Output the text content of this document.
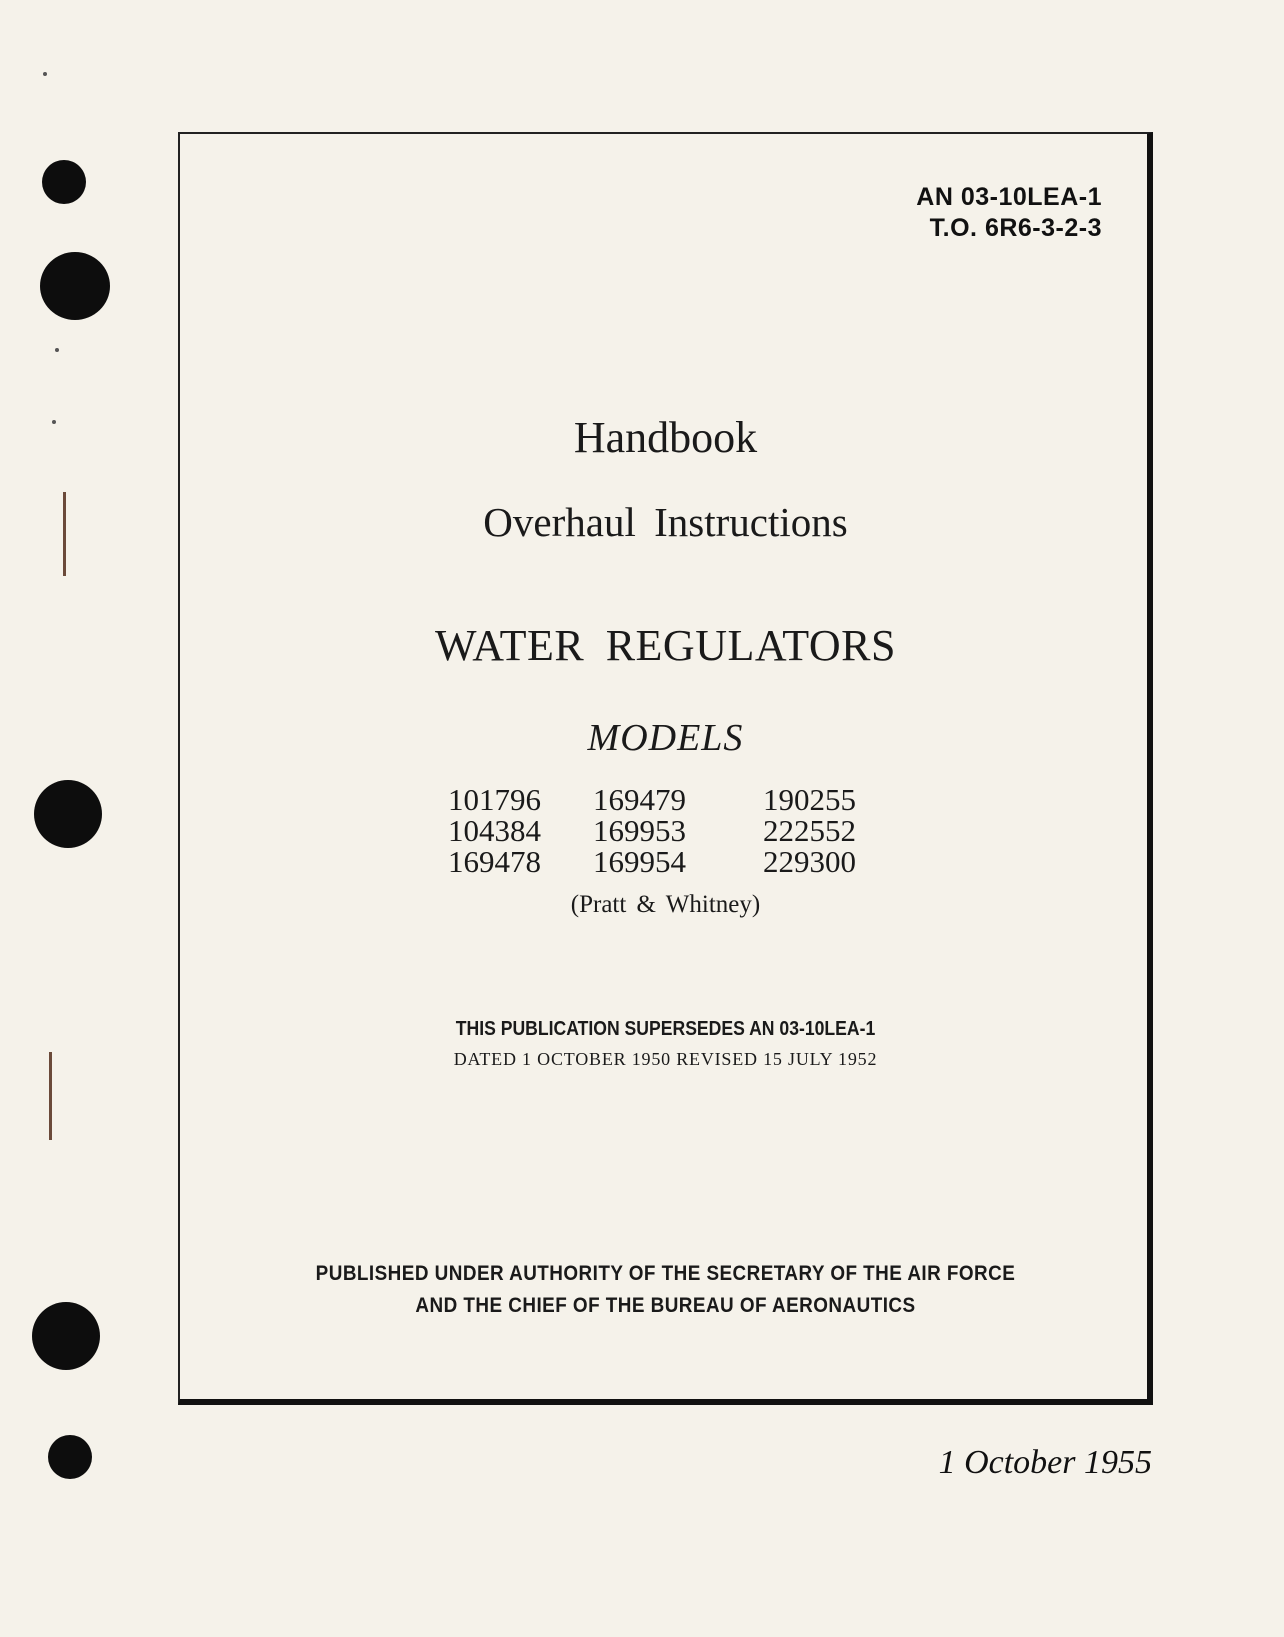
AN 03-10LEA-1
T.O. 6R6-3-2-3
Handbook
Overhaul Instructions
WATER REGULATORS
MODELS
101796	169479	190255
104384	169953	222552
169478	169954	229300
(Pratt & Whitney)
THIS PUBLICATION SUPERSEDES AN 03-10LEA-1
DATED 1 OCTOBER 1950 REVISED 15 JULY 1952
PUBLISHED UNDER AUTHORITY OF THE SECRETARY OF THE AIR FORCE
AND THE CHIEF OF THE BUREAU OF AERONAUTICS
1 October 1955
